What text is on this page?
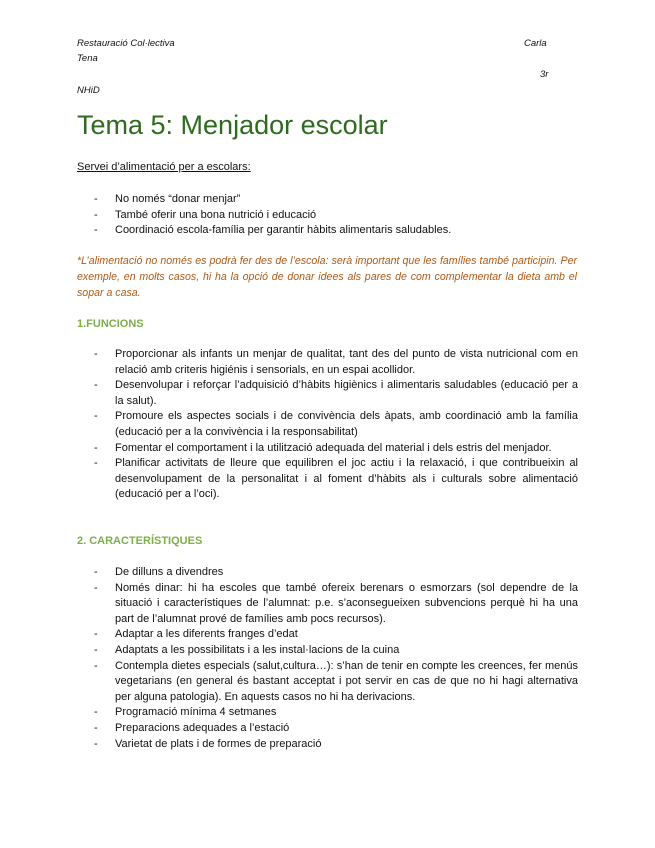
Restauració Col·lectiva	Carla
Tena
3r
NHiD
Tema 5: Menjador escolar
Servei d’alimentació per a escolars:
- No només “donar menjar”
- També oferir una bona nutrició i educació
- Coordinació escola-família per garantir hàbits alimentaris saludables.
*L’alimentació no només es podrà fer des de l’escola: serà important que les famílies també participin. Per exemple, en molts casos, hi ha la opció de donar idees als pares de com complementar la dieta amb el sopar a casa.
1.FUNCIONS
- Proporcionar als infants un menjar de qualitat, tant des del punto de vista nutricional com en relació amb criteris higiénis i sensorials, en un espai acollidor.
- Desenvolupar i reforçar l’adquisició d’hàbits higiènics i alimentaris saludables (educació per a la salut).
- Promoure els aspectes socials i de convivència dels àpats, amb coordinació amb la família (educació per a la convivència i la responsabilitat)
- Fomentar el comportament i la utilització adequada del material i dels estris del menjador.
- Planificar activitats de lleure que equilibren el joc actiu i la relaxació, i que contribueixin al desenvolupament de la personalitat i al foment d’hàbits als i culturals sobre alimentació (educació per a l’oci).
2. CARACTERÍSTIQUES
- De dilluns a divendres
- Només dinar: hi ha escoles que també ofereix berenars o esmorzars (sol dependre de la situació i característiques de l’alumnat: p.e. s’aconsegueixen subvencions perquè hi ha una part de l’alumnat prové de famílies amb pocs recursos).
- Adaptar a les diferents franges d’edat
- Adaptats a les possibilitats i a les instal·lacions de la cuina
- Contempla dietes especials (salut,cultura…): s’han de tenir en compte les creences, fer menús vegetarians (en general és bastant acceptat i pot servir en cas de que no hi hagi alternativa per alguna patologia). En aquests casos no hi ha derivacions.
- Programació mínima 4 setmanes
- Preparacions adequades a l’estació
- Varietat de plats i de formes de preparació
